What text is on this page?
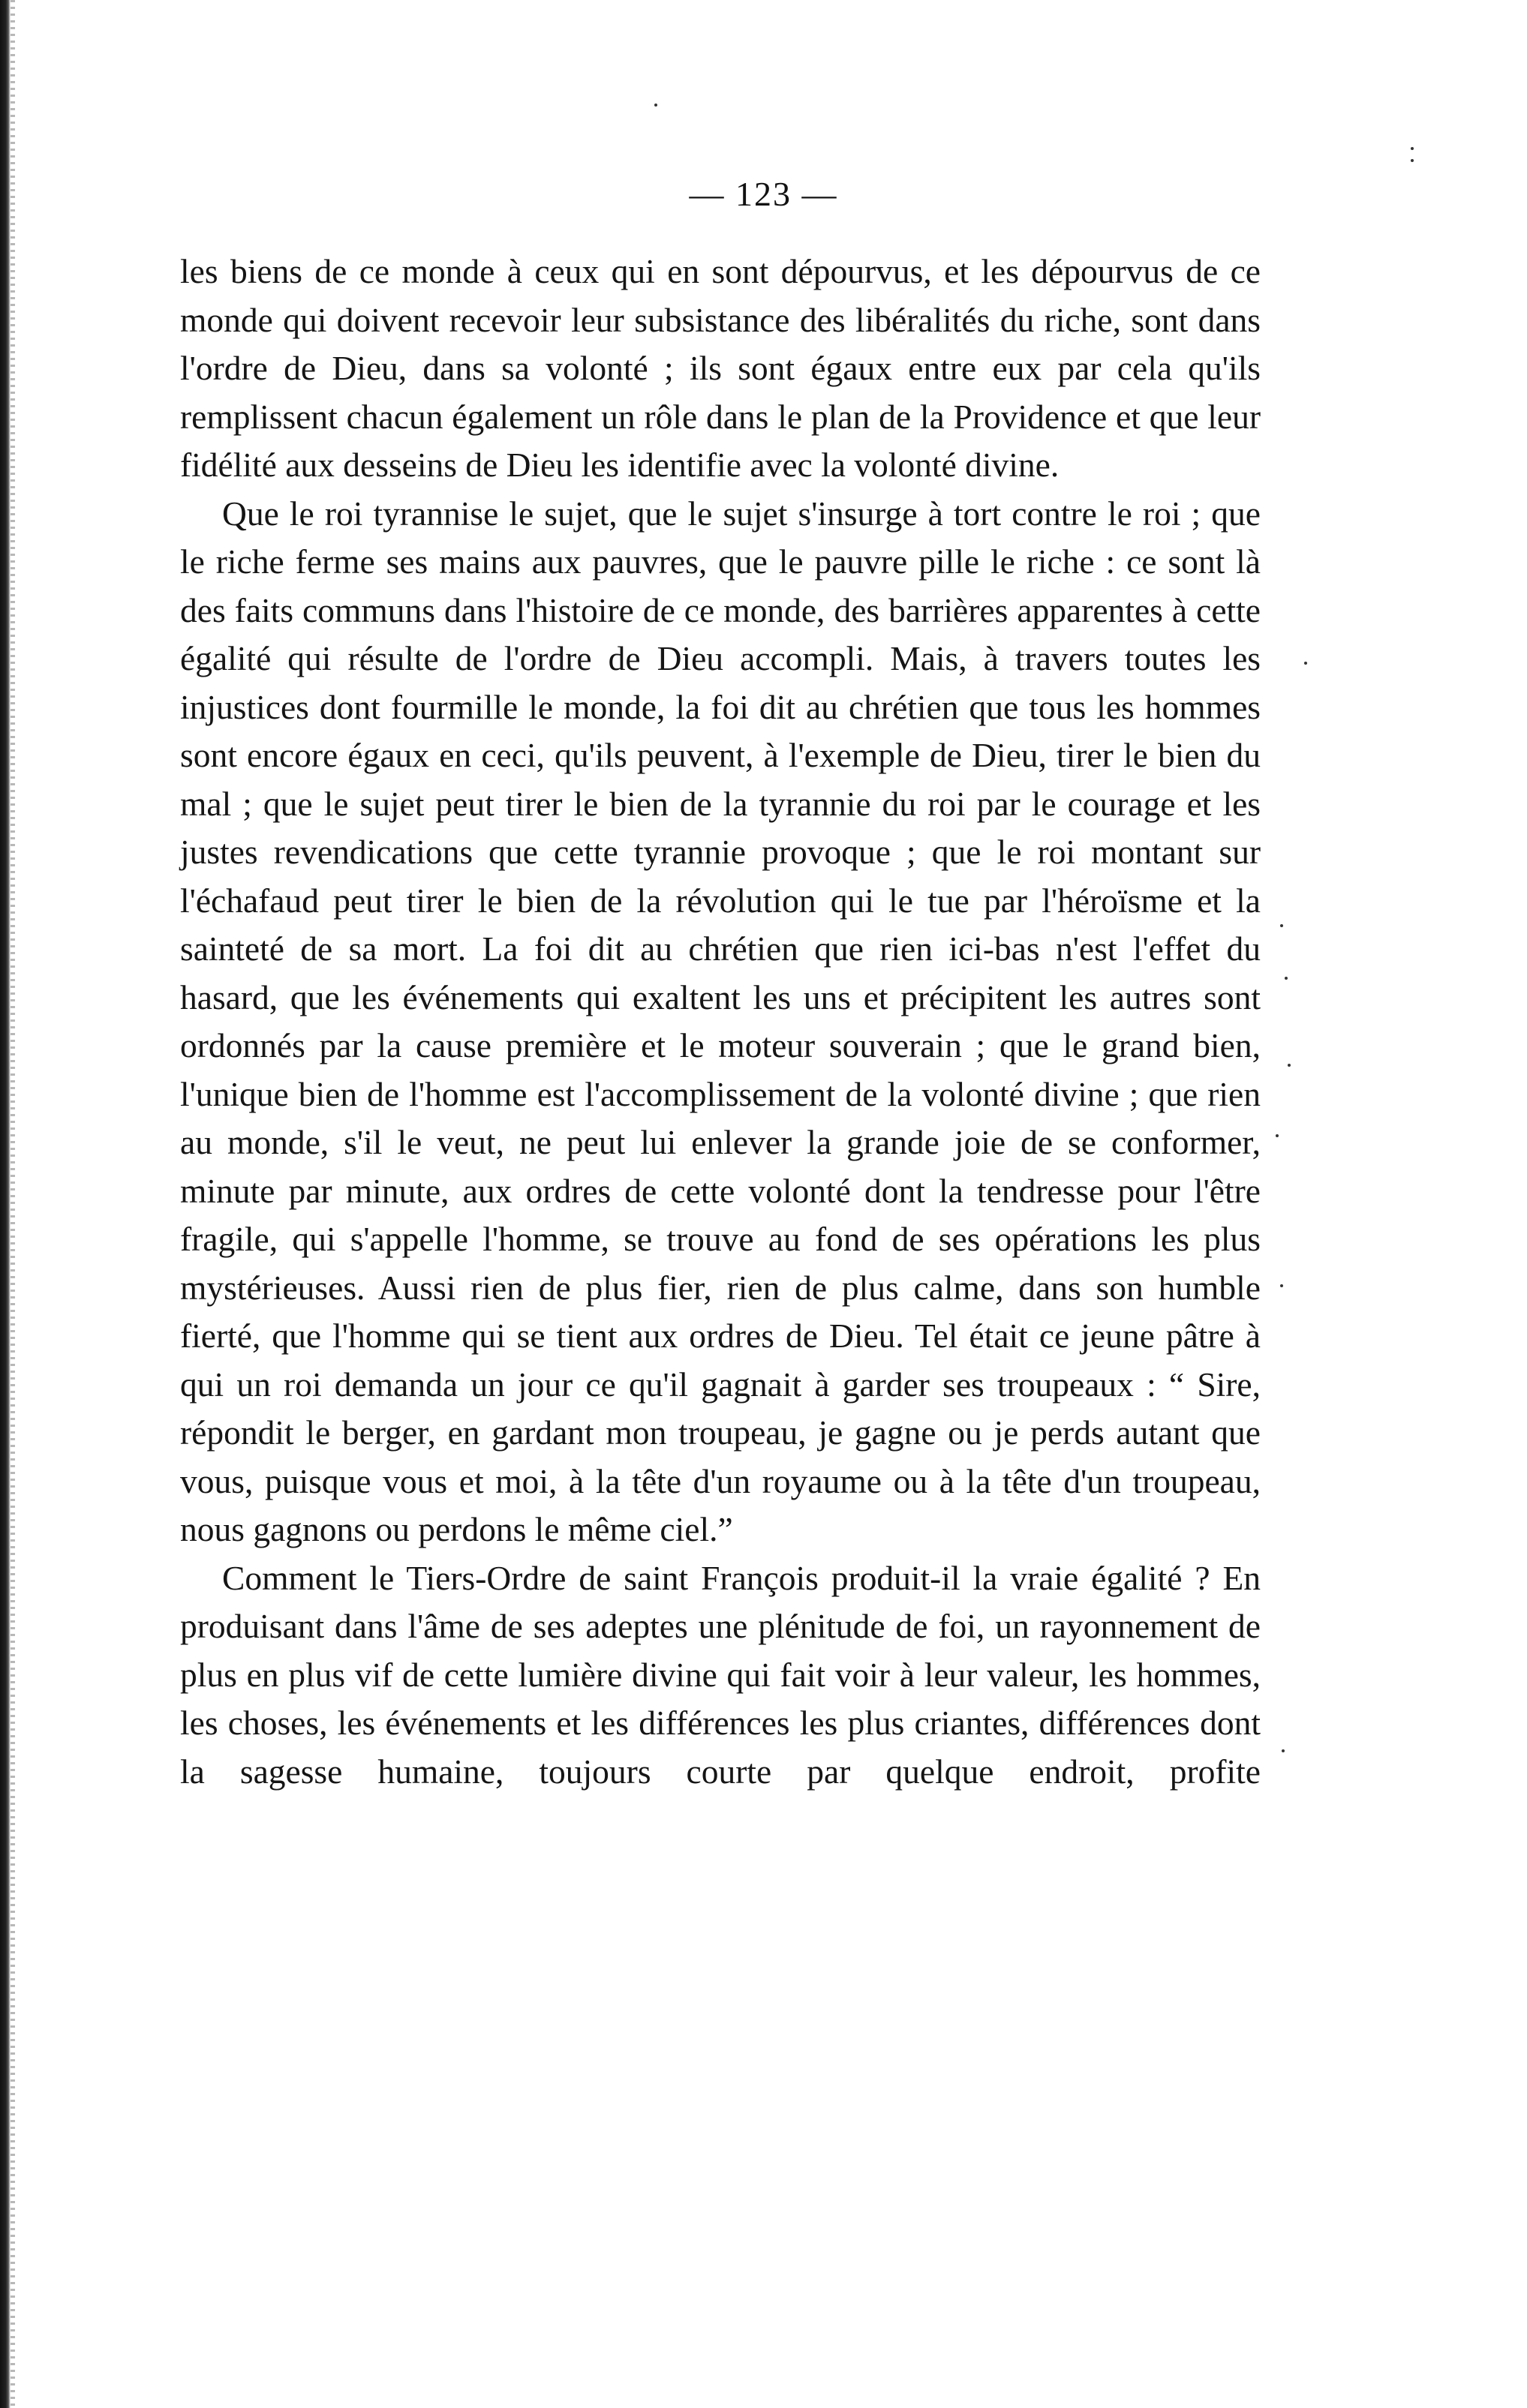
— 123 —

les biens de ce monde à ceux qui en sont dépourvus, et les dépourvus de ce monde qui doivent recevoir leur subsistance des libéralités du riche, sont dans l'ordre de Dieu, dans sa volonté ; ils sont égaux entre eux par cela qu'ils remplissent chacun également un rôle dans le plan de la Providence et que leur fidélité aux desseins de Dieu les identifie avec la volonté divine.

Que le roi tyrannise le sujet, que le sujet s'insurge à tort contre le roi ; que le riche ferme ses mains aux pauvres, que le pauvre pille le riche : ce sont là des faits communs dans l'histoire de ce monde, des barrières apparentes à cette égalité qui résulte de l'ordre de Dieu accompli. Mais, à travers toutes les injustices dont fourmille le monde, la foi dit au chrétien que tous les hommes sont encore égaux en ceci, qu'ils peuvent, à l'exemple de Dieu, tirer le bien du mal ; que le sujet peut tirer le bien de la tyrannie du roi par le courage et les justes revendications que cette tyrannie provoque ; que le roi montant sur l'échafaud peut tirer le bien de la révolution qui le tue par l'héroïsme et la sainteté de sa mort. La foi dit au chrétien que rien ici-bas n'est l'effet du hasard, que les événements qui exaltent les uns et précipitent les autres sont ordonnés par la cause première et le moteur souverain ; que le grand bien, l'unique bien de l'homme est l'accomplissement de la volonté divine ; que rien au monde, s'il le veut, ne peut lui enlever la grande joie de se conformer, minute par minute, aux ordres de cette volonté dont la tendresse pour l'être fragile, qui s'appelle l'homme, se trouve au fond de ses opérations les plus mystérieuses. Aussi rien de plus fier, rien de plus calme, dans son humble fierté, que l'homme qui se tient aux ordres de Dieu. Tel était ce jeune pâtre à qui un roi demanda un jour ce qu'il gagnait à garder ses troupeaux : “ Sire, répondit le berger, en gardant mon troupeau, je gagne ou je perds autant que vous, puisque vous et moi, à la tête d'un royaume ou à la tête d'un troupeau, nous gagnons ou perdons le même ciel.”

Comment le Tiers-Ordre de saint François produit-il la vraie égalité ? En produisant dans l'âme de ses adeptes une plénitude de foi, un rayonnement de plus en plus vif de cette lumière divine qui fait voir à leur valeur, les hommes, les choses, les événements et les différences les plus criantes, différences dont la sagesse humaine, toujours courte par quelque endroit, profite
